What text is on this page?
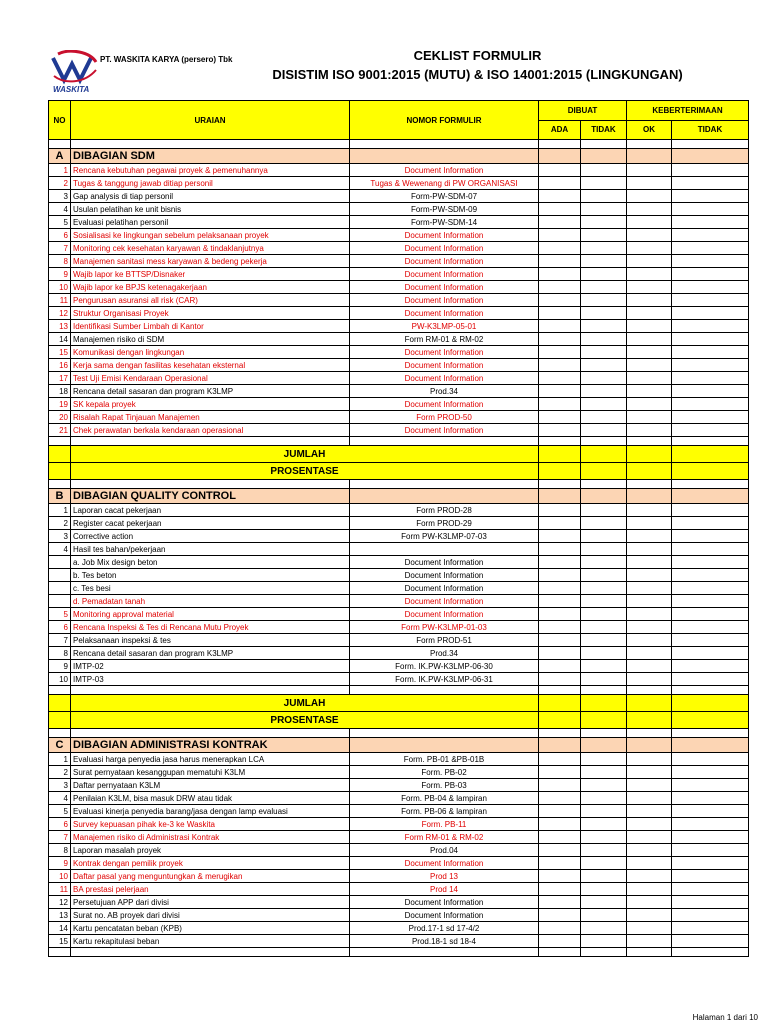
WASKITA
PT. WASKITA KARYA (persero) Tbk	CEKLIST FORMULIR
DISISTIM ISO 9001:2015 (MUTU) & ISO 14001:2015 (LINGKUNGAN)
NO	URAIAN	NOMOR FORMULIR	DIBUAT		KEBERTERIMAAN	
			ADA	TIDAK	OK	TIDAK

A	DIBAGIAN SDM					
1	Rencana kebutuhan pegawai proyek & pemenuhannya	Document Information				
2	Tugas & tanggung jawab ditiap personil	Tugas & Wewenang di PW ORGANISASI				
3	Gap analysis di tiap personil	Form-PW-SDM-07				
4	Usulan pelatihan ke unit bisnis	Form-PW-SDM-09				
5	Evaluasi pelatihan personil	Form-PW-SDM-14				
6	Sosialisasi ke lingkungan sebelum pelaksanaan proyek	Document Information				
7	Monitoring cek kesehatan karyawan & tindaklanjutnya	Document Information				
8	Manajemen sanitasi mess karyawan & bedeng pekerja	Document Information				
9	Wajib lapor ke BTTSP/Disnaker	Document Information				
10	Wajib lapor ke BPJS ketenagakerjaan	Document Information				
11	Pengurusan asuransi all risk (CAR)	Document Information				
12	Struktur Organisasi Proyek	Document Information				
13	Identifikasi Sumber Limbah di Kantor	PW-K3LMP-05-01				
14	Manajemen risiko di SDM	Form RM-01 & RM-02				
15	Komunikasi dengan lingkungan	Document Information				
16	Kerja sama dengan fasilitas kesehatan eksternal	Document Information				
17	Test Uji Emisi Kendaraan Operasional	Document Information				
18	Rencana detail sasaran dan program K3LMP	Prod.34				
19	SK kepala proyek	Document Information				
20	Risalah Rapat Tinjauan Manajemen	Form PROD-50				
21	Chek perawatan berkala kendaraan operasional	Document Information				

	JUMLAH					
	PROSENTASE					

B	DIBAGIAN QUALITY CONTROL					
1	Laporan cacat pekerjaan	Form PROD-28				
2	Register cacat pekerjaan	Form PROD-29				
3	Corrective action	Form PW-K3LMP-07-03				
4	Hasil tes bahan/pekerjaan					
	a. Job Mix design beton	Document Information				
	b. Tes beton	Document Information				
	c. Tes besi	Document Information				
	d. Pemadatan tanah	Document Information				
5	Monitoring approval material	Document Information				
6	Rencana Inspeksi & Tes di Rencana Mutu Proyek	Form PW-K3LMP-01-03				
7	Pelaksanaan inspeksi & tes	Form PROD-51				
8	Rencana detail sasaran dan program K3LMP	Prod.34				
9	IMTP-02	Form. IK.PW-K3LMP-06-30				
10	IMTP-03	Form. IK.PW-K3LMP-06-31				

	JUMLAH					
	PROSENTASE					

C	DIBAGIAN ADMINISTRASI KONTRAK					
1	Evaluasi harga penyedia jasa harus menerapkan LCA	Form. PB-01 &PB-01B				
2	Surat pernyataan kesanggupan mematuhi K3LM	Form. PB-02				
3	Daftar pernyataan K3LM	Form. PB-03				
4	Penilaian K3LM, bisa masuk DRW atau tidak	Form. PB-04 & lampiran				
5	Evaluasi kinerja penyedia barang/jasa dengan lamp evaluasi	Form. PB-06 & lampiran				
6	Survey kepuasan pihak ke-3 ke Waskita	Form. PB-11				
7	Manajemen risiko di Administrasi Kontrak	Form RM-01 & RM-02				
8	Laporan masalah proyek	Prod.04				
9	Kontrak dengan pemilik proyek	Document Information				
10	Daftar pasal yang menguntungkan & merugikan	Prod 13				
11	BA prestasi pelerjaan	Prod 14				
12	Persetujuan APP dari divisi	Document Information				
13	Surat no. AB proyek dari divisi	Document Information				
14	Kartu pencatatan beban (KPB)	Prod.17-1 sd 17-4/2				
15	Kartu rekapitulasi beban	Prod.18-1 sd 18-4				

Halaman 1 dari 10
